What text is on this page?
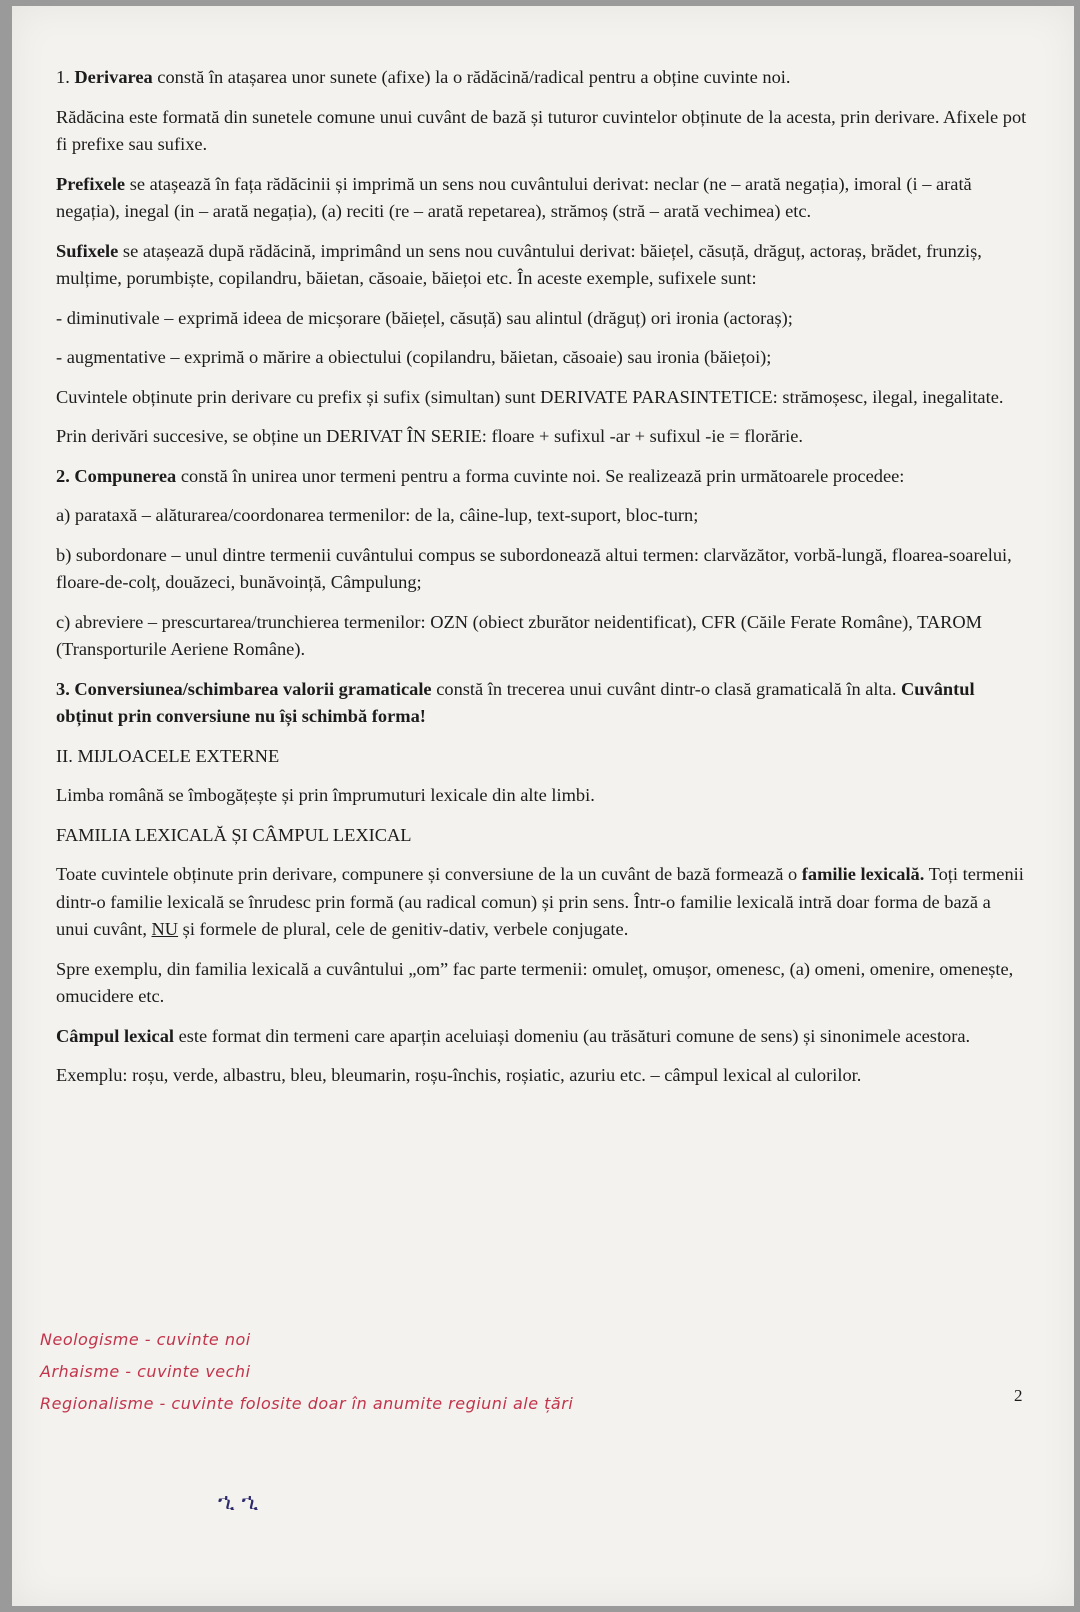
1. Derivarea constă în atașarea unor sunete (afixe) la o rădăcină/radical pentru a obține cuvinte noi.

Rădăcina este formată din sunetele comune unui cuvânt de bază și tuturor cuvintelor obținute de la acesta, prin derivare. Afixele pot fi prefixe sau sufixe.

Prefixele se atașează în fața rădăcinii și imprimă un sens nou cuvântului derivat: neclar (ne – arată negația), imoral (i – arată negația), inegal (in – arată negația), (a) reciti (re – arată repetarea), strămoș (stră – arată vechimea) etc.

Sufixele se atașează după rădăcină, imprimând un sens nou cuvântului derivat: băiețel, căsuță, drăguț, actoraș, brădet, frunziș, mulțime, porumbiște, copilandru, băietan, căsoaie, băiețoi etc. În aceste exemple, sufixele sunt:

- diminutivale – exprimă ideea de micșorare (băiețel, căsuță) sau alintul (drăguț) ori ironia (actoraș);

- augmentative – exprimă o mărire a obiectului (copilandru, băietan, căsoaie) sau ironia (băiețoi);

Cuvintele obținute prin derivare cu prefix și sufix (simultan) sunt DERIVATE PARASINTETICE: strămoșesc, ilegal, inegalitate.

Prin derivări succesive, se obține un DERIVAT ÎN SERIE: floare + sufixul -ar + sufixul -ie = florărie.

2. Compunerea constă în unirea unor termeni pentru a forma cuvinte noi. Se realizează prin următoarele procedee:

a) parataxă – alăturarea/coordonarea termenilor: de la, câine-lup, text-suport, bloc-turn;

b) subordonare – unul dintre termenii cuvântului compus se subordonează altui termen: clarvăzător, vorbă-lungă, floarea-soarelui, floare-de-colț, douăzeci, bunăvoință, Câmpulung;

c) abreviere – prescurtarea/trunchierea termenilor: OZN (obiect zburător neidentificat), CFR (Căile Ferate Române), TAROM (Transporturile Aeriene Române).

3. Conversiunea/schimbarea valorii gramaticale constă în trecerea unui cuvânt dintr-o clasă gramaticală în alta. Cuvântul obținut prin conversiune nu își schimbă forma!

II. MIJLOACELE EXTERNE

Limba română se îmbogățește și prin împrumuturi lexicale din alte limbi.

FAMILIA LEXICALĂ ȘI CÂMPUL LEXICAL

Toate cuvintele obținute prin derivare, compunere și conversiune de la un cuvânt de bază formează o familie lexicală. Toți termenii dintr-o familie lexicală se înrudesc prin formă (au radical comun) și prin sens. Într-o familie lexicală intră doar forma de bază a unui cuvânt, NU și formele de plural, cele de genitiv-dativ, verbele conjugate.

Spre exemplu, din familia lexicală a cuvântului „om” fac parte termenii: omuleț, omușor, omenesc, (a) omeni, omenire, omenește, omucidere etc.

Câmpul lexical este format din termeni care aparțin aceluiași domeniu (au trăsături comune de sens) și sinonimele acestora.

Exemplu: roșu, verde, albastru, bleu, bleumarin, roșu-închis, roșiatic, azuriu etc. – câmpul lexical al culorilor.

Neologisme - cuvinte noi
Arhaisme - cuvinte vechi
Regionalisme - cuvinte folosite doar în anumite regiuni ale țări	2
ኂ ኂ
